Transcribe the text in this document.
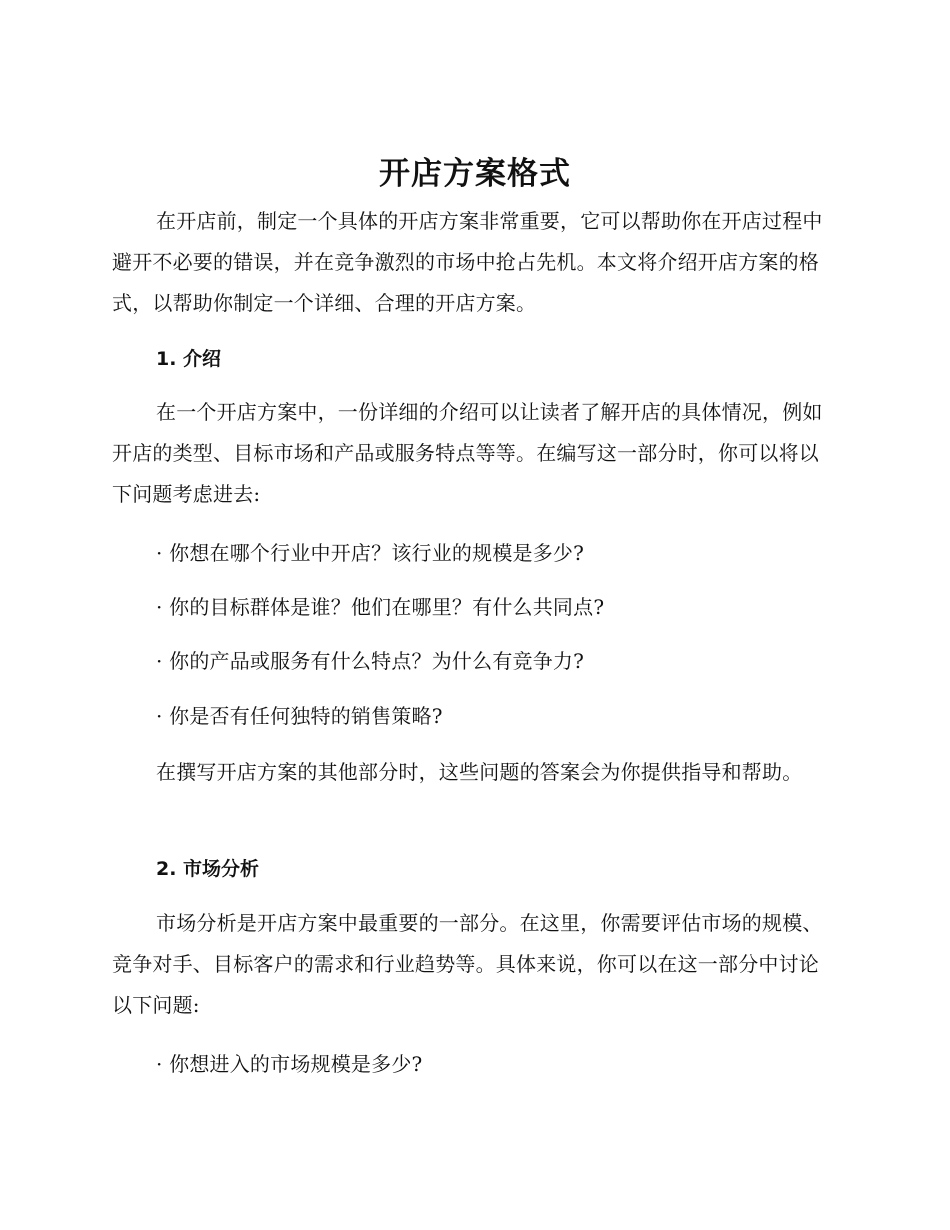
开店方案格式

在开店前，制定一个具体的开店方案非常重要，它可以帮助你在开店过程中避开不必要的错误，并在竞争激烈的市场中抢占先机。本文将介绍开店方案的格式，以帮助你制定一个详细、合理的开店方案。

1. 介绍

在一个开店方案中，一份详细的介绍可以让读者了解开店的具体情况，例如开店的类型、目标市场和产品或服务特点等等。在编写这一部分时，你可以将以下问题考虑进去:

· 你想在哪个行业中开店？该行业的规模是多少?

· 你的目标群体是谁？他们在哪里？有什么共同点?

· 你的产品或服务有什么特点？为什么有竞争力?

· 你是否有任何独特的销售策略?

在撰写开店方案的其他部分时，这些问题的答案会为你提供指导和帮助。

2. 市场分析

市场分析是开店方案中最重要的一部分。在这里，你需要评估市场的规模、竞争对手、目标客户的需求和行业趋势等。具体来说，你可以在这一部分中讨论以下问题:

· 你想进入的市场规模是多少?
